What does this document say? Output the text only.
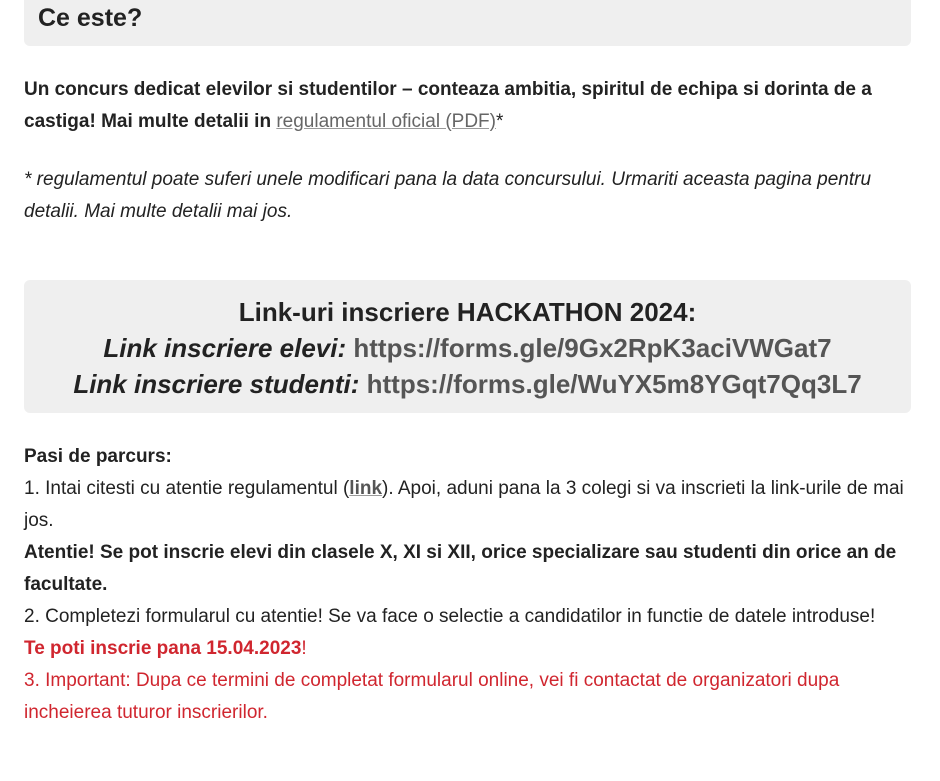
Ce este?

Un concurs dedicat elevilor si studentilor – conteaza ambitia, spiritul de echipa si dorinta de a castiga! Mai multe detalii in regulamentul oficial (PDF)*

* regulamentul poate suferi unele modificari pana la data concursului. Urmariti aceasta pagina pentru detalii. Mai multe detalii mai jos.

Link-uri inscriere HACKATHON 2024:
Link inscriere elevi: https://forms.gle/9Gx2RpK3aciVWGat7
Link inscriere studenti: https://forms.gle/WuYX5m8YGqt7Qq3L7

Pasi de parcurs:

1. Intai citesti cu atentie regulamentul (link). Apoi, aduni pana la 3 colegi si va inscrieti la link-urile de mai jos.

Atentie! Se pot inscrie elevi din clasele X, XI si XII, orice specializare sau studenti din orice an de facultate.

2. Completezi formularul cu atentie! Se va face o selectie a candidatilor in functie de datele introduse!

Te poti inscrie pana 15.04.2023!

3. Important: Dupa ce termini de completat formularul online, vei fi contactat de organizatori dupa incheierea tuturor inscrierilor.
